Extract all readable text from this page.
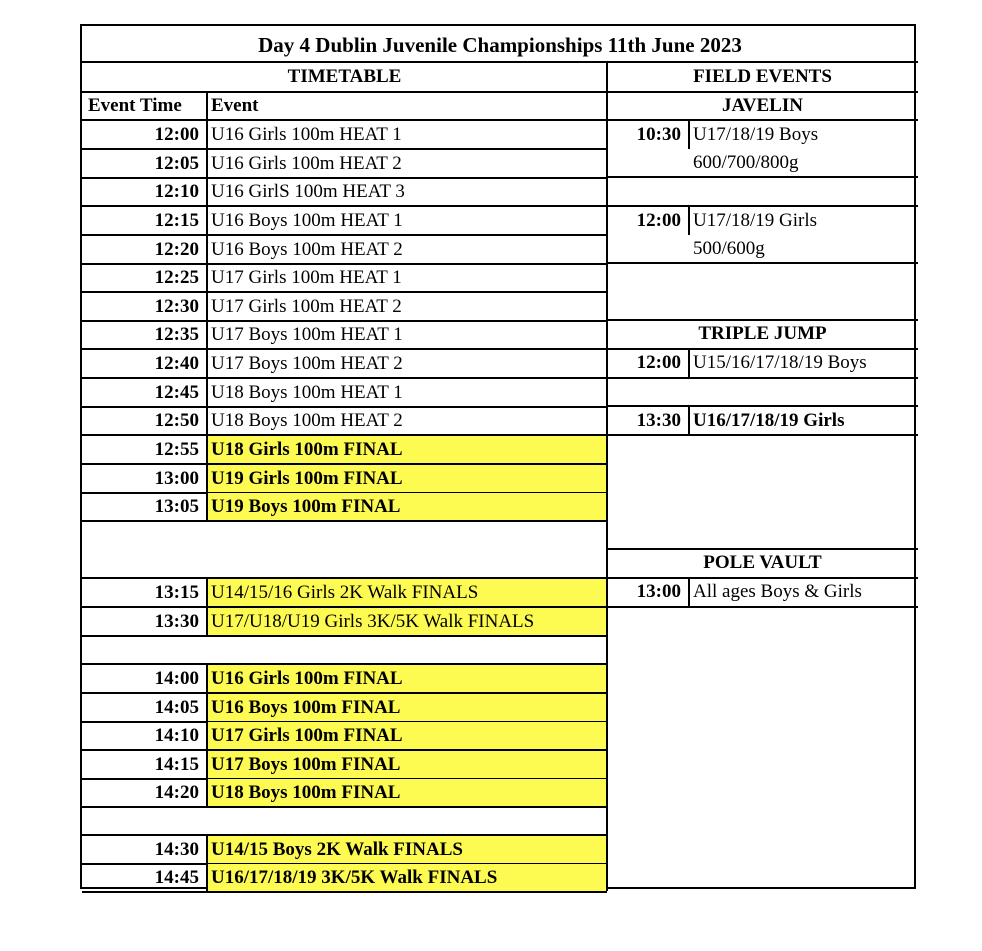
Day 4 Dublin Juvenile Championships 11th June 2023
TIMETABLE	FIELD EVENTS
Event Time Event	JAVELIN
12:00 U16 Girls 100m HEAT 1
12:05 U16 Girls 100m HEAT 2
12:10 U16 GirlS 100m HEAT 3
12:15 U16 Boys 100m HEAT 1
12:20 U16 Boys 100m HEAT 2
12:25 U17 Girls 100m HEAT 1
12:30 U17 Girls 100m HEAT 2
12:35 U17 Boys 100m HEAT 1
12:40 U17 Boys 100m HEAT 2
12:45 U18 Boys 100m HEAT 1
12:50 U18 Boys 100m HEAT 2
12:55 U18 Girls 100m FINAL
13:00 U19 Girls 100m FINAL
13:05 U19 Boys 100m FINAL
13:15 U14/15/16 Girls 2K Walk FINALS
13:30 U17/U18/U19 Girls 3K/5K Walk FINALS
14:00 U16 Girls 100m FINAL
14:05 U16 Boys 100m FINAL
14:10 U17 Girls 100m FINAL
14:15 U17 Boys 100m FINAL
14:20 U18 Boys 100m FINAL
14:30 U14/15 Boys 2K Walk FINALS
14:45 U16/17/18/19 3K/5K Walk FINALS
10:30 U17/18/19 Boys
600/700/800g
12:00 U17/18/19 Girls
500/600g
TRIPLE JUMP
12:00 U15/16/17/18/19 Boys
13:30 U16/17/18/19 Girls
POLE VAULT
13:00 All ages Boys & Girls
